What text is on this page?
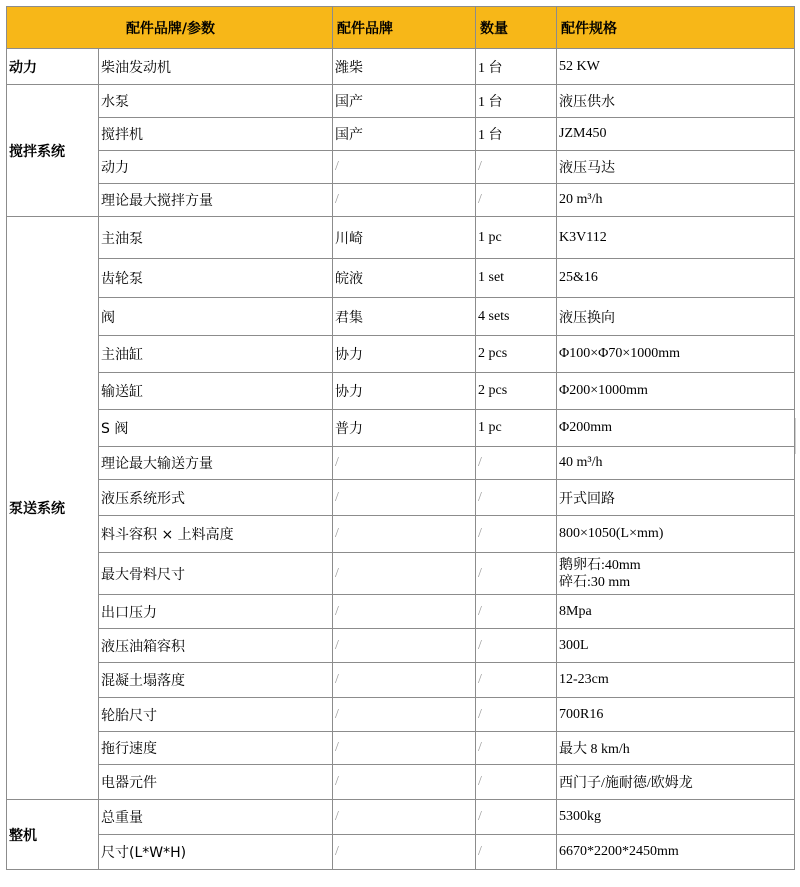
配件品牌/参数		配件品牌	数量	配件规格
动力	柴油发动机	潍柴	1 台	52 KW
搅拌系统	水泵	国产	1 台	液压供水
	搅拌机	国产	1 台	JZM450
	动力	/	/	液压马达
	理论最大搅拌方量	/	/	20 m³/h
泵送系统	主油泵	川崎	1 pc	K3V112
	齿轮泵	皖液	1 set	25&16
	阀	君集	4 sets	液压换向
	主油缸	协力	2 pcs	Φ100×Φ70×1000mm
	输送缸	协力	2 pcs	Φ200×1000mm
	S 阀	普力	1 pc	Φ200mm
	理论最大输送方量	/	/	40 m³/h
	液压系统形式	/	/	开式回路
	料斗容积 × 上料高度	/	/	800×1050(L×mm)
	最大骨料尺寸	/	/	鹅卵石:40mm
碎石:30 mm
	出口压力	/	/	8Mpa
	液压油箱容积	/	/	300L
	混凝土塌落度	/	/	12-23cm
	轮胎尺寸	/	/	700R16
	拖行速度	/	/	最大 8 km/h
	电器元件	/	/	西门子/施耐德/欧姆龙
整机	总重量	/	/	5300kg
	尺寸(L*W*H)	/	/	6670*2200*2450mm
